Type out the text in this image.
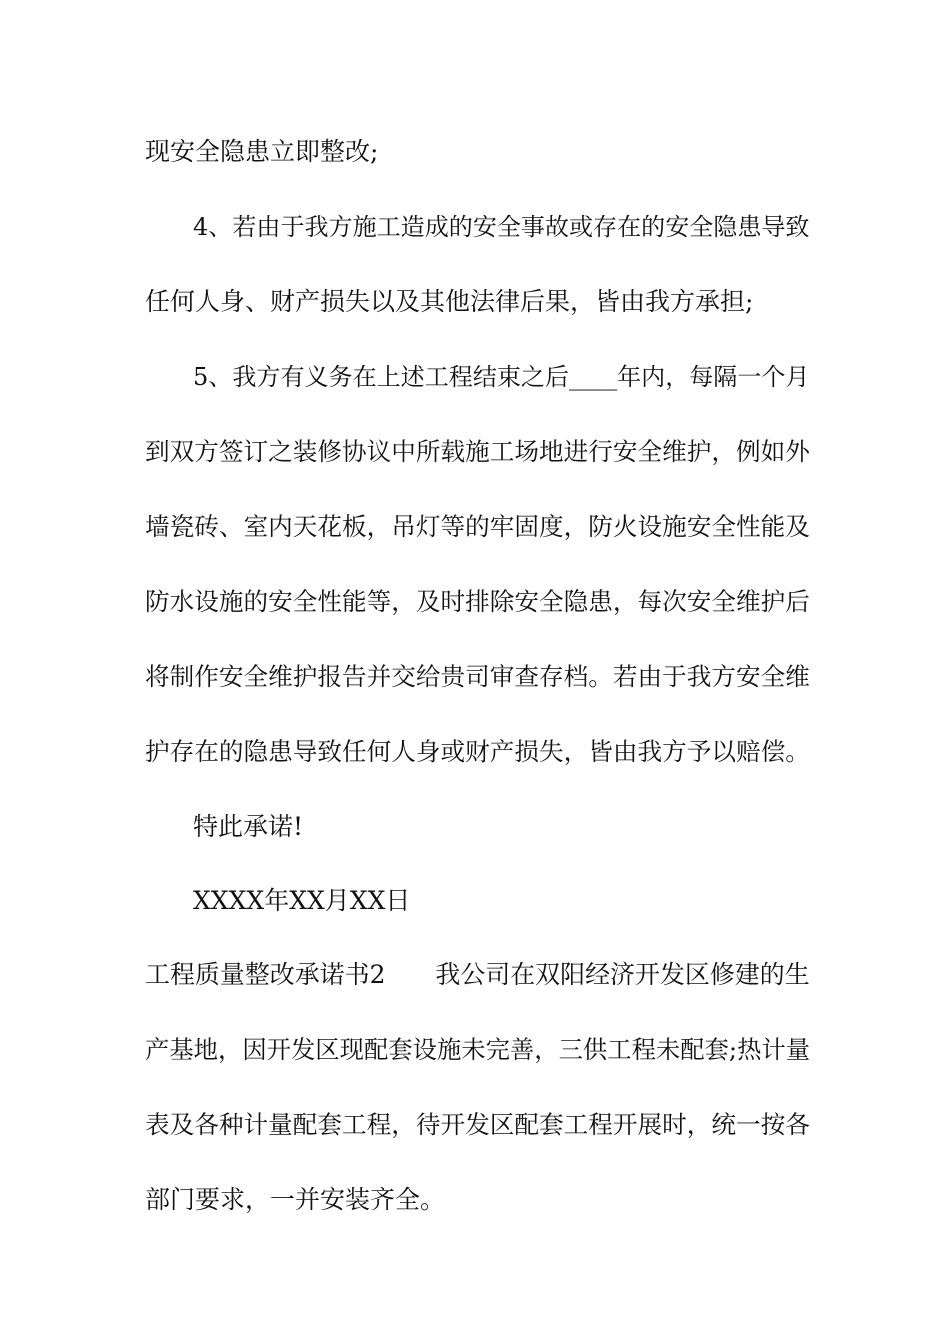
现安全隐患立即整改;

4、若由于我方施工造成的安全事故或存在的安全隐患导致

任何人身、财产损失以及其他法律后果，皆由我方承担;

5、我方有义务在上述工程结束之后____年内，每隔一个月

到双方签订之装修协议中所载施工场地进行安全维护，例如外

墙瓷砖、室内天花板，吊灯等的牢固度，防火设施安全性能及

防水设施的安全性能等，及时排除安全隐患，每次安全维护后

将制作安全维护报告并交给贵司审查存档。若由于我方安全维

护存在的隐患导致任何人身或财产损失，皆由我方予以赔偿。

特此承诺!

XXXX年XX月XX日

工程质量整改承诺书2　　我公司在双阳经济开发区修建的生

产基地，因开发区现配套设施未完善，三供工程未配套;热计量

表及各种计量配套工程，待开发区配套工程开展时，统一按各

部门要求，一并安装齐全。
